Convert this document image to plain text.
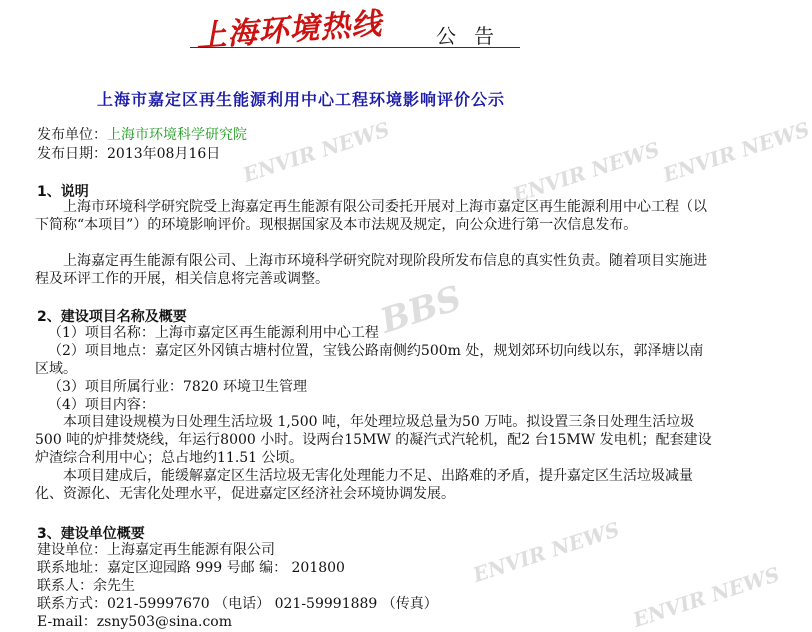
ENVIR NEWS	ENVIR NEWS
ENVIR NEWS
BBS
ENVIR NEWS
ENVIR NEWS
上海环境热线	公告
上海市嘉定区再生能源利用中心工程环境影响评价公示
发布单位：上海市环境科学研究院
发布日期：2013年08月16日
1、说明
上海市环境科学研究院受上海嘉定再生能源有限公司委托开展对上海市嘉定区再生能源利用中心工程（以下简称“本项目”）的环境影响评价。现根据国家及本市法规及规定，向公众进行第一次信息发布。
上海嘉定再生能源有限公司、上海市环境科学研究院对现阶段所发布信息的真实性负责。随着项目实施进程及环评工作的开展，相关信息将完善或调整。
2、建设项目名称及概要
（1）项目名称：上海市嘉定区再生能源利用中心工程
（2）项目地点：嘉定区外冈镇古塘村位置，宝钱公路南侧约500m 处，规划郊环切向线以东，郭泽塘以南区域。
（3）项目所属行业：7820 环境卫生管理
（4）项目内容：
本项目建设规模为日处理生活垃圾 1,500 吨，年处理垃圾总量为50 万吨。拟设置三条日处理生活垃圾500 吨的炉排焚烧线，年运行8000 小时。设两台15MW 的凝汽式汽轮机，配2 台15MW 发电机；配套建设炉渣综合利用中心；总占地约11.51 公顷。
本项目建成后，能缓解嘉定区生活垃圾无害化处理能力不足、出路难的矛盾，提升嘉定区生活垃圾减量化、资源化、无害化处理水平，促进嘉定区经济社会环境协调发展。
3、建设单位概要
建设单位：上海嘉定再生能源有限公司
联系地址：嘉定区迎园路 999 号邮 编： 201800
联系人：余先生
联系方式：021-59997670 （电话） 021-59991889 （传真）
E-mail：zsny503@sina.com
